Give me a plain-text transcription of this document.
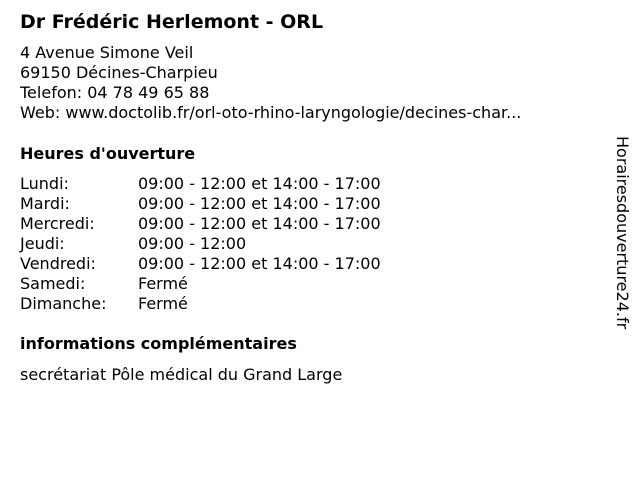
Dr Frédéric Herlemont - ORL
4 Avenue Simone Veil
69150 Décines-Charpieu
Telefon: 04 78 49 65 88
Web: www.doctolib.fr/orl-oto-rhino-laryngologie/decines-char...
Heures d'ouverture
Lundi:	09:00 - 12:00 et 14:00 - 17:00
Mardi:	09:00 - 12:00 et 14:00 - 17:00
Mercredi:	09:00 - 12:00 et 14:00 - 17:00
Jeudi:	09:00 - 12:00
Vendredi:	09:00 - 12:00 et 14:00 - 17:00
Samedi:	Fermé
Dimanche:	Fermé
informations complémentaires
secrétariat Pôle médical du Grand Large
Horairesdouverture24.fr
